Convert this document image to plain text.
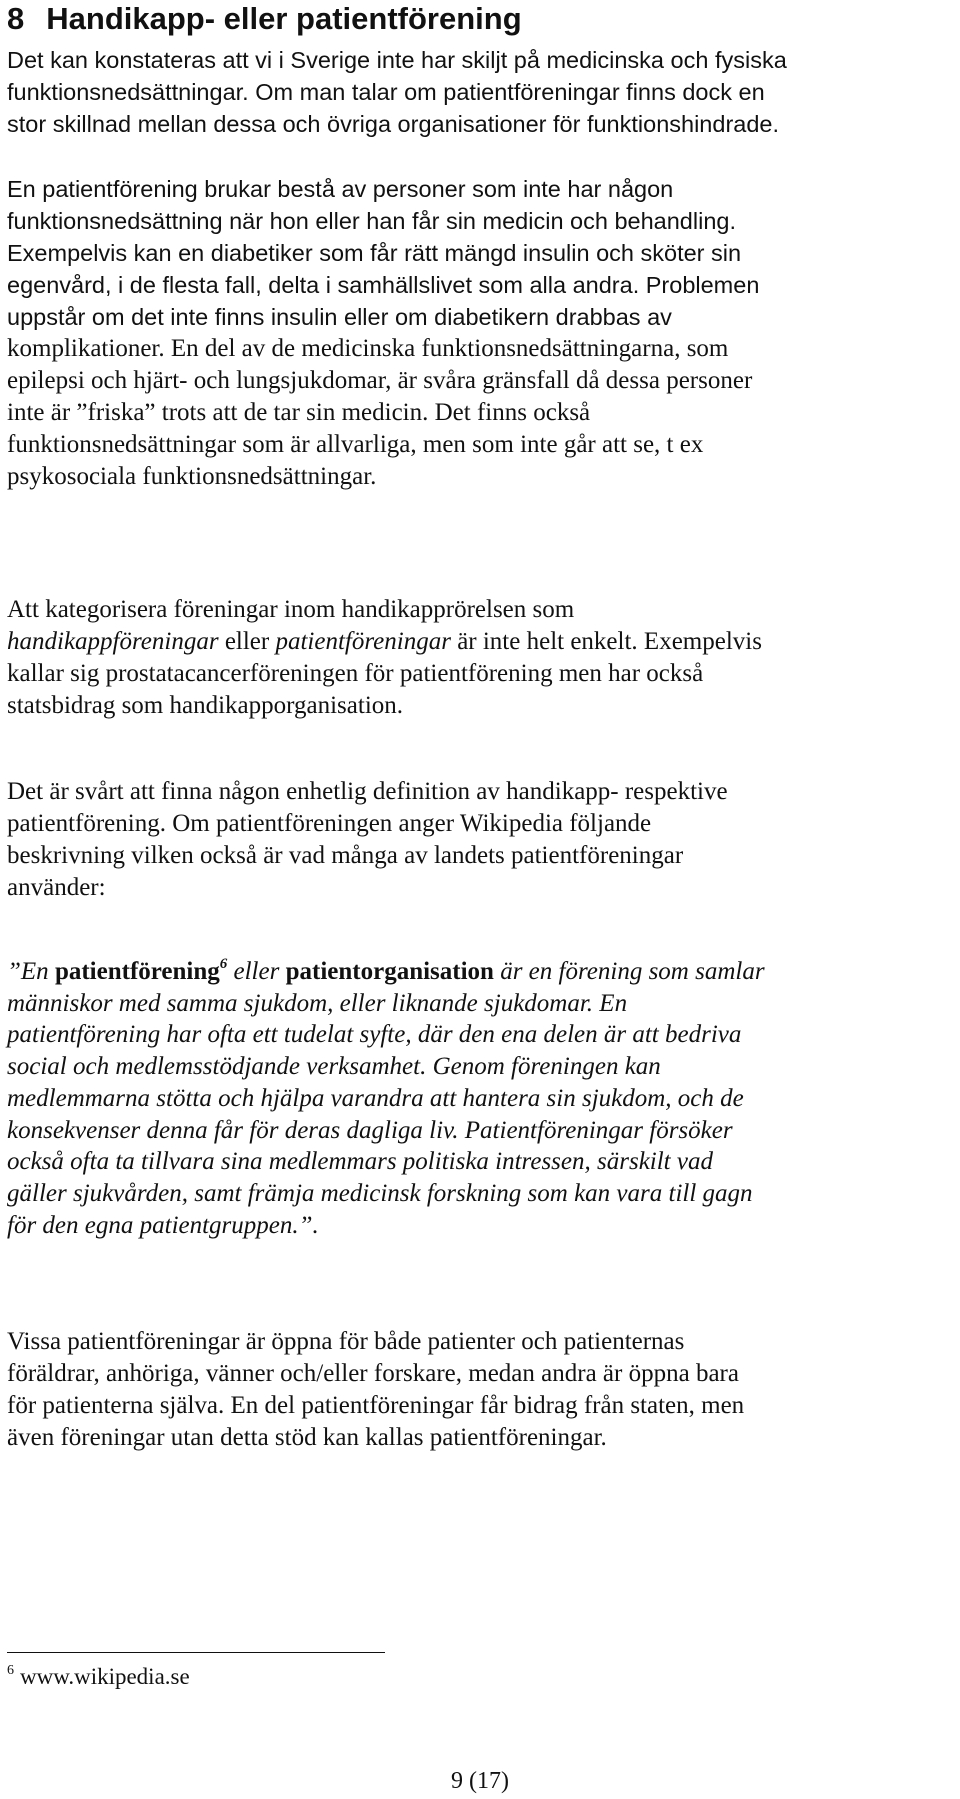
8 Handikapp- eller patientförening

Det kan konstateras att vi i Sverige inte har skiljt på medicinska och fysiska
funktionsnedsättningar. Om man talar om patientföreningar finns dock en
stor skillnad mellan dessa och övriga organisationer för funktionshindrade.

En patientförening brukar bestå av personer som inte har någon
funktionsnedsättning när hon eller han får sin medicin och behandling.
Exempelvis kan en diabetiker som får rätt mängd insulin och sköter sin
egenvård, i de flesta fall, delta i samhällslivet som alla andra. Problemen
uppstår om det inte finns insulin eller om diabetikern drabbas av
komplikationer. En del av de medicinska funktionsnedsättningarna, som
epilepsi och hjärt- och lungsjukdomar, är svåra gränsfall då dessa personer
inte är ”friska” trots att de tar sin medicin. Det finns också
funktionsnedsättningar som är allvarliga, men som inte går att se, t ex
psykosociala funktionsnedsättningar.

Att kategorisera föreningar inom handikapprörelsen som
handikappföreningar eller patientföreningar är inte helt enkelt. Exempelvis
kallar sig prostatacancerföreningen för patientförening men har också
statsbidrag som handikapporganisation.

Det är svårt att finna någon enhetlig definition av handikapp- respektive
patientförening. Om patientföreningen anger Wikipedia följande
beskrivning vilken också är vad många av landets patientföreningar
använder:

”En patientförening$^6$ eller patientorganisation är en förening som samlar
människor med samma sjukdom, eller liknande sjukdomar. En
patientförening har ofta ett tudelat syfte, där den ena delen är att bedriva
social och medlemsstödjande verksamhet. Genom föreningen kan
medlemmarna stötta och hjälpa varandra att hantera sin sjukdom, och de
konsekvenser denna får för deras dagliga liv. Patientföreningar försöker
också ofta ta tillvara sina medlemmars politiska intressen, särskilt vad
gäller sjukvården, samt främja medicinsk forskning som kan vara till gagn
för den egna patientgruppen.”.

Vissa patientföreningar är öppna för både patienter och patienternas
föräldrar, anhöriga, vänner och/eller forskare, medan andra är öppna bara
för patienterna själva. En del patientföreningar får bidrag från staten, men
även föreningar utan detta stöd kan kallas patientföreningar.

$^6$ www.wikipedia.se
9 (17)
